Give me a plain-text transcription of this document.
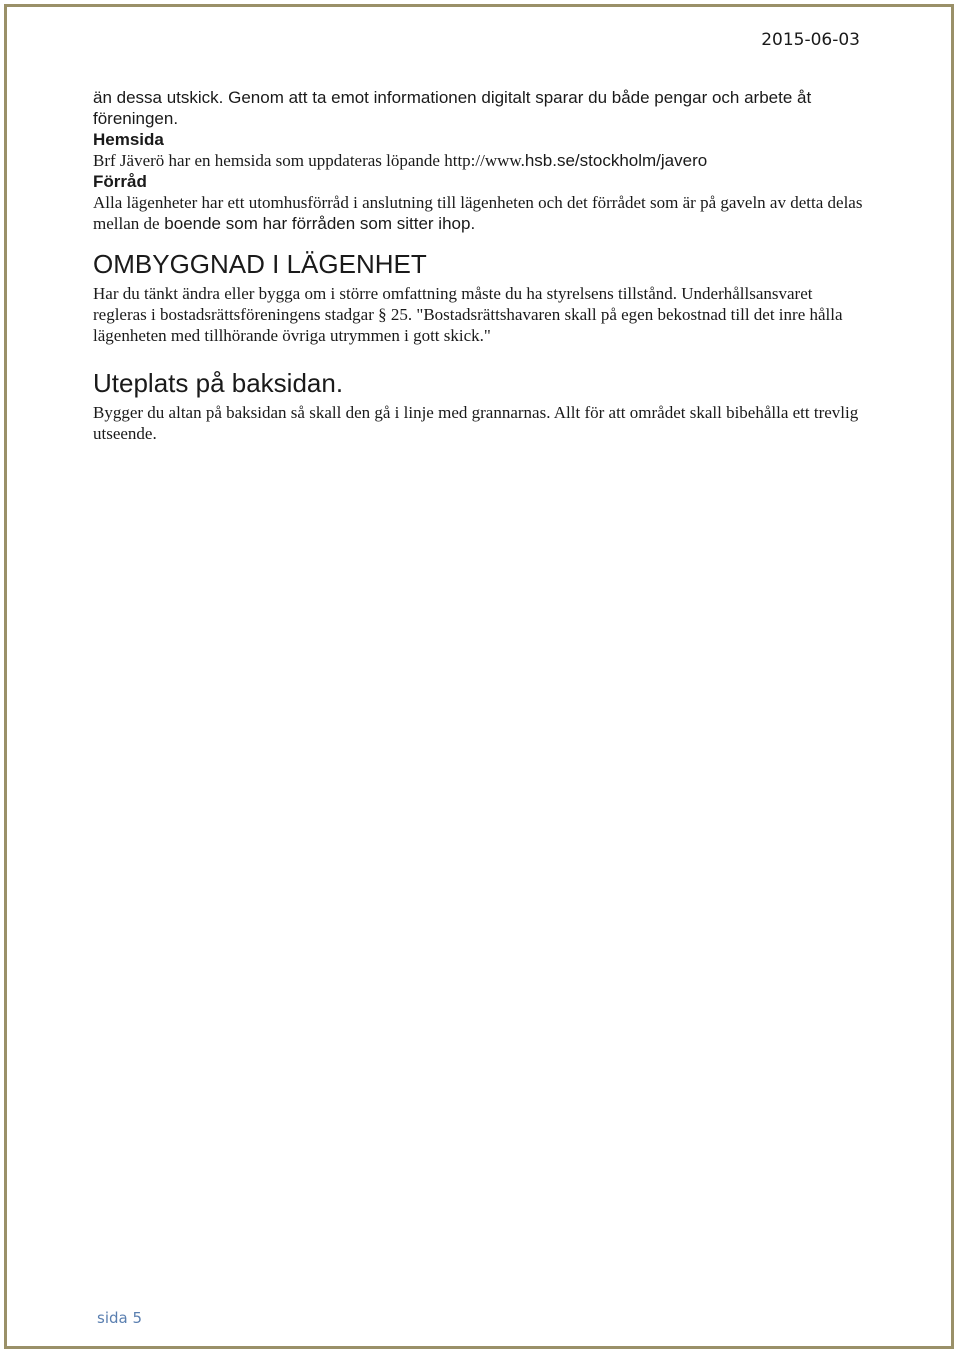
2015-06-03

än dessa utskick. Genom att ta emot informationen digitalt sparar du både pengar och arbete åt
föreningen.

Hemsida

Brf Jäverö har en hemsida som uppdateras löpande http://www.hsb.se/stockholm/javero

Förråd

Alla lägenheter har ett utomhusförråd i anslutning till lägenheten och det förrådet som är på gaveln av detta delas mellan de boende som har förråden som sitter ihop.

OMBYGGNAD I LÄGENHET

Har du tänkt ändra eller bygga om i större omfattning måste du ha styrelsens tillstånd. Underhållsansvaret regleras i bostadsrättsföreningens stadgar § 25. "Bostadsrättshavaren skall på egen bekostnad till det inre hålla lägenheten med tillhörande övriga utrymmen i gott skick."

Uteplats på baksidan.

Bygger du altan på baksidan så skall den gå i linje med grannarnas. Allt för att området skall bibehålla ett trevlig utseende.

sida 5
